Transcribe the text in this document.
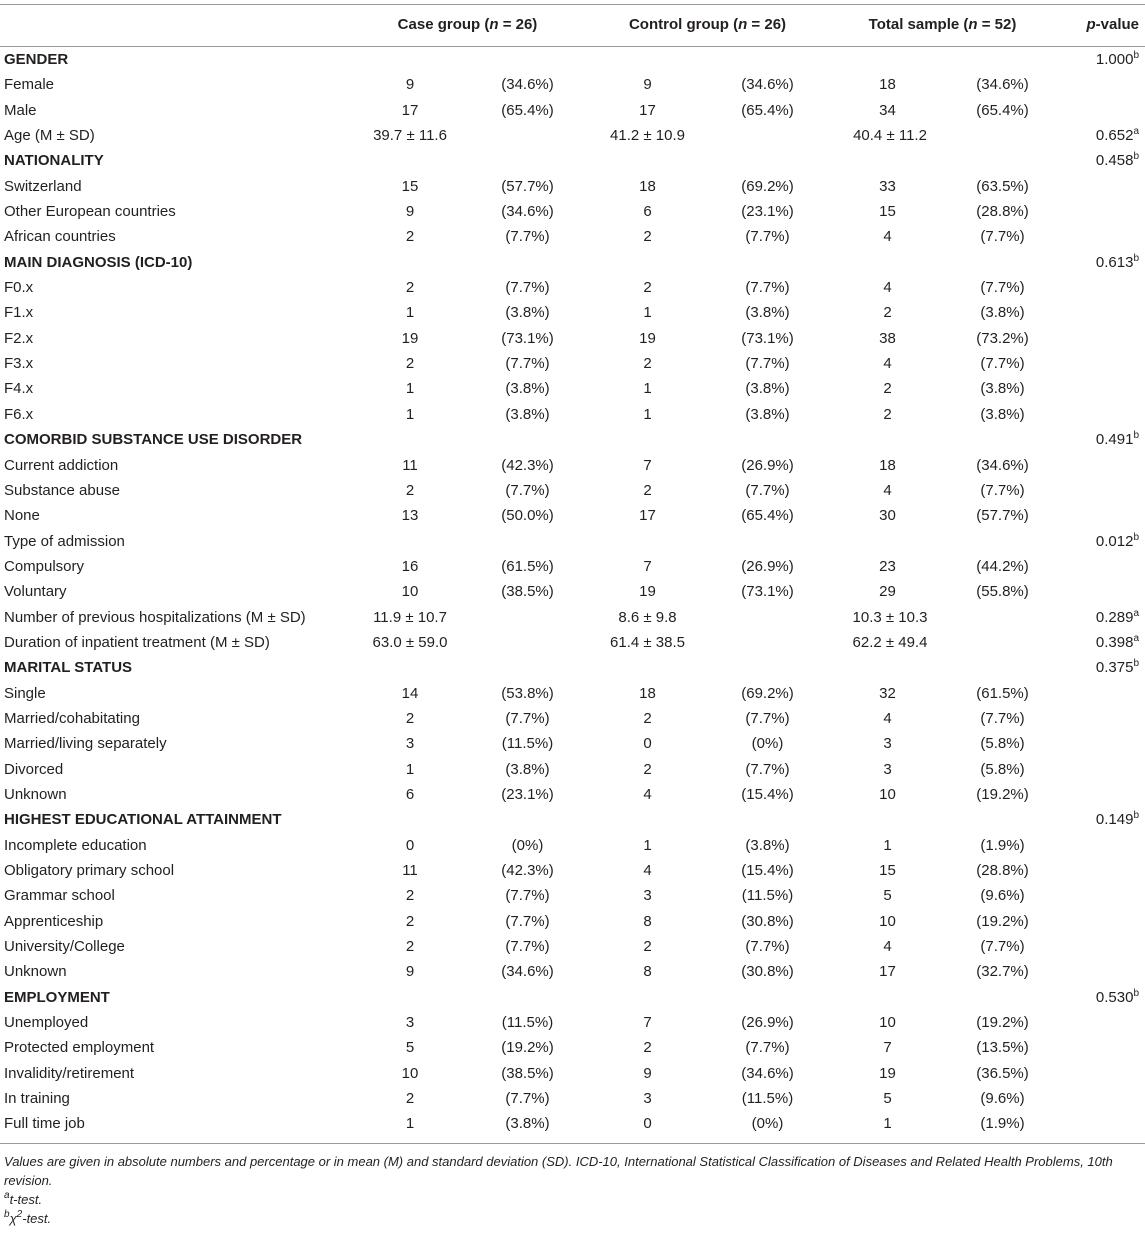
Case group (n = 26)	Control group (n = 26)	Total sample (n = 52)	p-value
GENDER	1.000$^b$
Female	9	(34.6%)	9	(34.6%)	18	(34.6%)
Male	17	(65.4%)	17	(65.4%)	34	(65.4%)
Age (M ± SD)	39.7 ± 11.6	41.2 ± 10.9	40.4 ± 11.2	0.652$^a$
NATIONALITY	0.458$^b$
Switzerland	15	(57.7%)	18	(69.2%)	33	(63.5%)
Other European countries	9	(34.6%)	6	(23.1%)	15	(28.8%)
African countries	2	(7.7%)	2	(7.7%)	4	(7.7%)
MAIN DIAGNOSIS (ICD-10)	0.613$^b$
F0.x	2	(7.7%)	2	(7.7%)	4	(7.7%)
F1.x	1	(3.8%)	1	(3.8%)	2	(3.8%)
F2.x	19	(73.1%)	19	(73.1%)	38	(73.2%)
F3.x	2	(7.7%)	2	(7.7%)	4	(7.7%)
F4.x	1	(3.8%)	1	(3.8%)	2	(3.8%)
F6.x	1	(3.8%)	1	(3.8%)	2	(3.8%)
COMORBID SUBSTANCE USE DISORDER	0.491$^b$
Current addiction	11	(42.3%)	7	(26.9%)	18	(34.6%)
Substance abuse	2	(7.7%)	2	(7.7%)	4	(7.7%)
None	13	(50.0%)	17	(65.4%)	30	(57.7%)
Type of admission	0.012$^b$
Compulsory	16	(61.5%)	7	(26.9%)	23	(44.2%)
Voluntary	10	(38.5%)	19	(73.1%)	29	(55.8%)
Number of previous hospitalizations (M ± SD)	11.9 ± 10.7	8.6 ± 9.8	10.3 ± 10.3	0.289$^a$
Duration of inpatient treatment (M ± SD)	63.0 ± 59.0	61.4 ± 38.5	62.2 ± 49.4	0.398$^a$
MARITAL STATUS	0.375$^b$
Single	14	(53.8%)	18	(69.2%)	32	(61.5%)
Married/cohabitating	2	(7.7%)	2	(7.7%)	4	(7.7%)
Married/living separately	3	(11.5%)	0	(0%)	3	(5.8%)
Divorced	1	(3.8%)	2	(7.7%)	3	(5.8%)
Unknown	6	(23.1%)	4	(15.4%)	10	(19.2%)
HIGHEST EDUCATIONAL ATTAINMENT	0.149$^b$
Incomplete education	0	(0%)	1	(3.8%)	1	(1.9%)
Obligatory primary school	11	(42.3%)	4	(15.4%)	15	(28.8%)
Grammar school	2	(7.7%)	3	(11.5%)	5	(9.6%)
Apprenticeship	2	(7.7%)	8	(30.8%)	10	(19.2%)
University/College	2	(7.7%)	2	(7.7%)	4	(7.7%)
Unknown	9	(34.6%)	8	(30.8%)	17	(32.7%)
EMPLOYMENT	0.530$^b$
Unemployed	3	(11.5%)	7	(26.9%)	10	(19.2%)
Protected employment	5	(19.2%)	2	(7.7%)	7	(13.5%)
Invalidity/retirement	10	(38.5%)	9	(34.6%)	19	(36.5%)
In training	2	(7.7%)	3	(11.5%)	5	(9.6%)
Full time job	1	(3.8%)	0	(0%)	1	(1.9%)

Values are given in absolute numbers and percentage or in mean (M) and standard deviation (SD). ICD-10, International Statistical Classification of Diseases and Related Health Problems, 10th revision.

$^a$t-test.

$^b\chi^2$-test.
